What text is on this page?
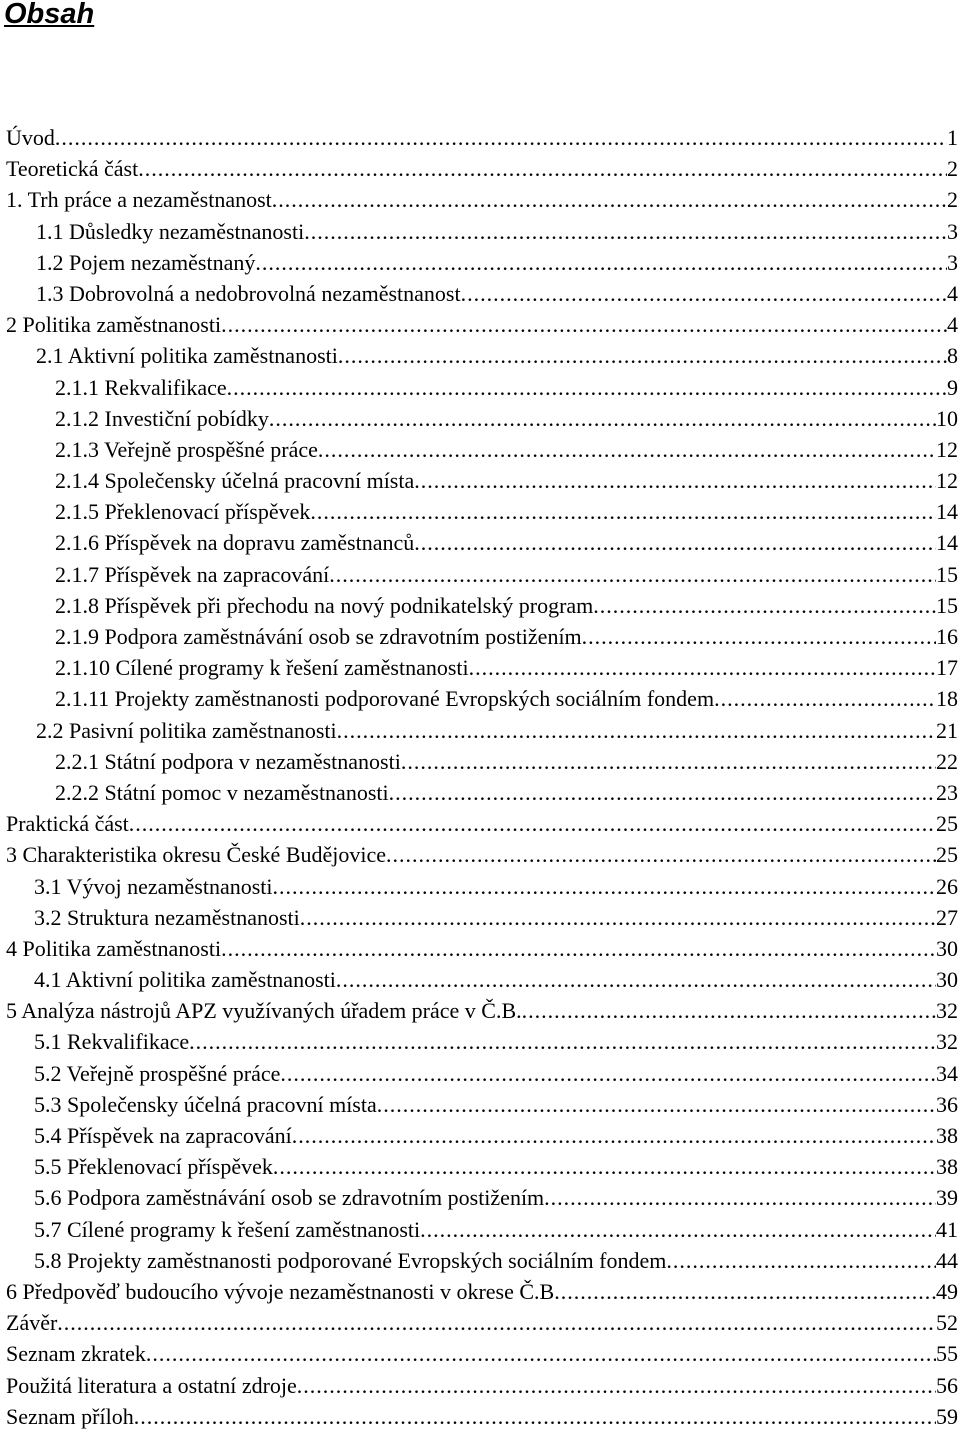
Obsah
Úvod .....	1
Teoretická část .....	2
1. Trh práce a nezaměstnanost .....	2
1.1 Důsledky nezaměstnanosti .....	3
1.2 Pojem nezaměstnaný .....	3
1.3 Dobrovolná a nedobrovolná nezaměstnanost .....	4
2 Politika zaměstnanosti .....	4
2.1 Aktivní politika zaměstnanosti .....	8
2.1.1 Rekvalifikace .....	9
2.1.2 Investiční pobídky .....	10
2.1.3 Veřejně prospěšné práce .....	12
2.1.4 Společensky účelná pracovní místa .....	12
2.1.5 Překlenovací příspěvek .....	14
2.1.6 Příspěvek na dopravu zaměstnanců .....	14
2.1.7 Příspěvek na zapracování .....	15
2.1.8 Příspěvek při přechodu na nový podnikatelský program .....	15
2.1.9 Podpora zaměstnávání osob se zdravotním postižením .....	16
2.1.10 Cílené programy k řešení zaměstnanosti .....	17
2.1.11 Projekty zaměstnanosti podporované Evropských sociálním fondem .....	18
2.2 Pasivní politika zaměstnanosti .....	21
2.2.1 Státní podpora v nezaměstnanosti .....	22
2.2.2 Státní pomoc v nezaměstnanosti .....	23
Praktická část .....	25
3 Charakteristika okresu České Budějovice .....	25
3.1 Vývoj nezaměstnanosti .....	26
3.2 Struktura nezaměstnanosti .....	27
4 Politika zaměstnanosti .....	30
4.1 Aktivní politika zaměstnanosti .....	30
5 Analýza nástrojů APZ využívaných úřadem práce v Č.B. .....	32
5.1 Rekvalifikace .....	32
5.2 Veřejně prospěšné práce .....	34
5.3 Společensky účelná pracovní místa .....	36
5.4 Příspěvek na zapracování .....	38
5.5 Překlenovací příspěvek .....	38
5.6 Podpora zaměstnávání osob se zdravotním postižením .....	39
5.7 Cílené programy k řešení zaměstnanosti .....	41
5.8 Projekty zaměstnanosti podporované Evropských sociálním fondem .....	44
6 Předpověď budoucího vývoje nezaměstnanosti v okrese Č.B .....	49
Závěr .....	52
Seznam zkratek .....	55
Použitá literatura a ostatní zdroje .....	56
Seznam příloh .....	59
